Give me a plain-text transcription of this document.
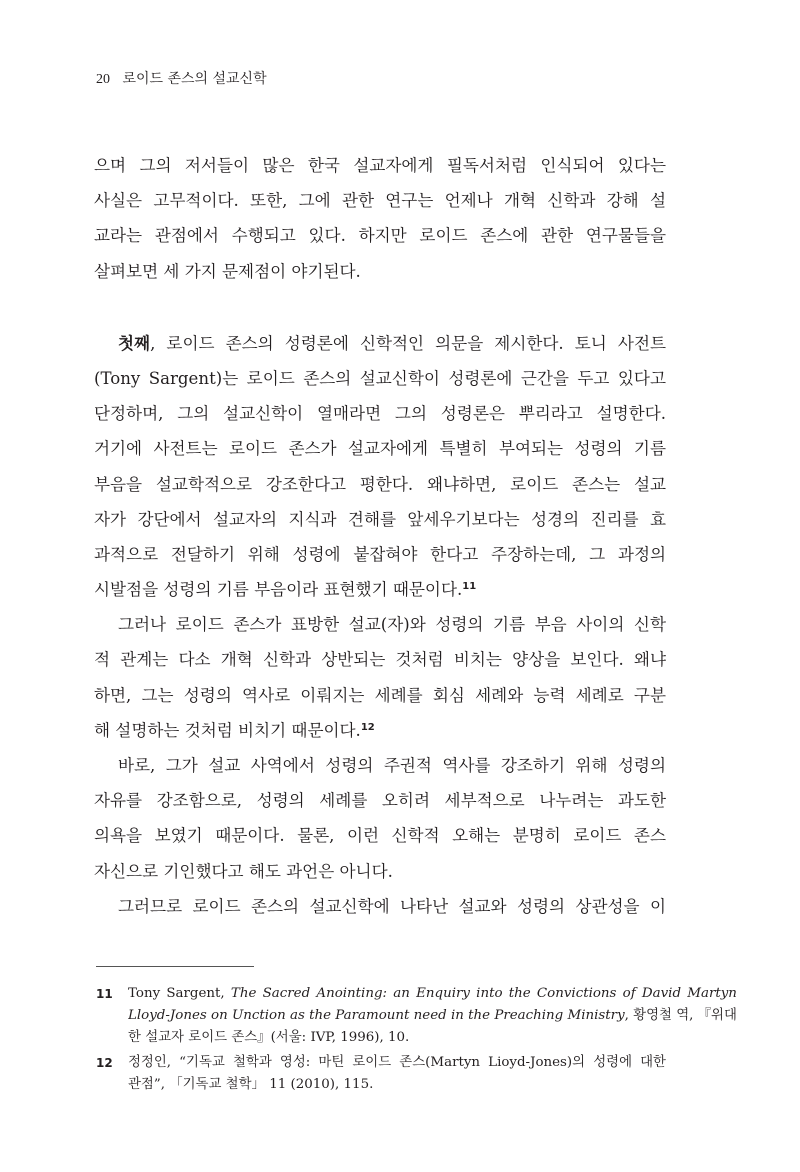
20 로이드 존스의 설교신학
으며 그의 저서들이 많은 한국 설교자에게 필독서처럼 인식되어 있다는
사실은 고무적이다. 또한, 그에 관한 연구는 언제나 개혁 신학과 강해 설
교라는 관점에서 수행되고 있다. 하지만 로이드 존스에 관한 연구물들을
살펴보면 세 가지 문제점이 야기된다.
첫째, 로이드 존스의 성령론에 신학적인 의문을 제시한다. 토니 사전트
(Tony Sargent)는 로이드 존스의 설교신학이 성령론에 근간을 두고 있다고
단정하며, 그의 설교신학이 열매라면 그의 성령론은 뿌리라고 설명한다.
거기에 사전트는 로이드 존스가 설교자에게 특별히 부여되는 성령의 기름
부음을 설교학적으로 강조한다고 평한다. 왜냐하면, 로이드 존스는 설교
자가 강단에서 설교자의 지식과 견해를 앞세우기보다는 성경의 진리를 효
과적으로 전달하기 위해 성령에 붙잡혀야 한다고 주장하는데, 그 과정의
시발점을 성령의 기름 부음이라 표현했기 때문이다.$^{11}$
그러나 로이드 존스가 표방한 설교(자)와 성령의 기름 부음 사이의 신학
적 관계는 다소 개혁 신학과 상반되는 것처럼 비치는 양상을 보인다. 왜냐
하면, 그는 성령의 역사로 이뤄지는 세례를 회심 세례와 능력 세례로 구분
해 설명하는 것처럼 비치기 때문이다.$^{12}$
바로, 그가 설교 사역에서 성령의 주권적 역사를 강조하기 위해 성령의
자유를 강조함으로, 성령의 세례를 오히려 세부적으로 나누려는 과도한
의욕을 보였기 때문이다. 물론, 이런 신학적 오해는 분명히 로이드 존스
자신으로 기인했다고 해도 과언은 아니다.
그러므로 로이드 존스의 설교신학에 나타난 설교와 성령의 상관성을 이
11	Tony Sargent, The Sacred Anointing: an Enquiry into the Convictions of David Martyn
Lloyd-Jones on Unction as the Paramount need in the Preaching Ministry, 황영철 역, 『위대
한 설교자 로이드 존스』(서울: IVP, 1996), 10.
12	정정인, “기독교 철학과 영성: 마틴 로이드 존스(Martyn Lioyd-Jones)의 성령에 대한
관점”, 「기독교 철학」 11 (2010), 115.
